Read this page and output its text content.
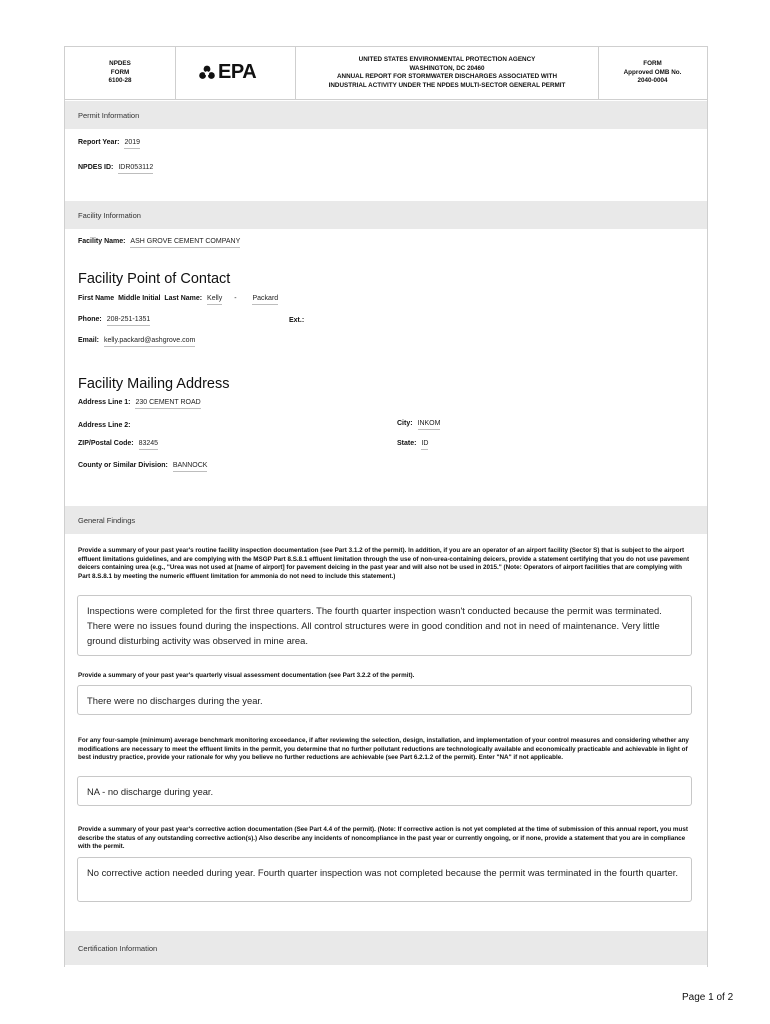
NPDES
FORM
6100-28	EPA
UNITED STATES ENVIRONMENTAL PROTECTION AGENCY
WASHINGTON, DC 20460
ANNUAL REPORT FOR STORMWATER DISCHARGES ASSOCIATED WITH
INDUSTRIAL ACTIVITY UNDER THE NPDES MULTI-SECTOR GENERAL PERMIT
FORM
Approved OMB No.
2040-0004
Permit Information
Report Year: 2019
NPDES ID: IDR053112
Facility Information
Facility Name: ASH GROVE CEMENT COMPANY
Facility Point of Contact
First Name Middle Initial Last Name: Kelly - Packard
Phone: 208-251-1351	Ext.:
Email: kelly.packard@ashgrove.com
Facility Mailing Address
Address Line 1: 230 CEMENT ROAD
Address Line 2:	City: INKOM
ZIP/Postal Code: 83245	State: ID
County or Similar Division: BANNOCK
General Findings
Provide a summary of your past year's routine facility inspection documentation (see Part 3.1.2 of the permit). In addition, if you are an operator of an airport facility (Sector S) that is subject to the airport effluent limitations guidelines, and are complying with the MSGP Part 8.S.8.1 effluent limitation through the use of non-urea-containing deicers, provide a statement certifying that you do not use pavement deicers containing urea (e.g., "Urea was not used at [name of airport] for pavement deicing in the past year and will also not be used in 2015." (Note: Operators of airport facilities that are complying with Part 8.S.8.1 by meeting the numeric effluent limitation for ammonia do not need to include this statement.)
Inspections were completed for the first three quarters. The fourth quarter inspection wasn't conducted because the permit was terminated. There were no issues found during the inspections. All control structures were in good condition and not in need of maintenance. Very little ground disturbing activity was observed in mine area.
Provide a summary of your past year's quarterly visual assessment documentation (see Part 3.2.2 of the permit).
There were no discharges during the year.
For any four-sample (minimum) average benchmark monitoring exceedance, if after reviewing the selection, design, installation, and implementation of your control measures and considering whether any modifications are necessary to meet the effluent limits in the permit, you determine that no further pollutant reductions are technologically available and economically practicable and achievable in light of best industry practice, provide your rationale for why you believe no further reductions are achievable (see Part 6.2.1.2 of the permit). Enter "NA" if not applicable.
NA - no discharge during year.
Provide a summary of your past year's corrective action documentation (See Part 4.4 of the permit). (Note: If corrective action is not yet completed at the time of submission of this annual report, you must describe the status of any outstanding corrective action(s).) Also describe any incidents of noncompliance in the past year or currently ongoing, or if none, provide a statement that you are in compliance with the permit.
No corrective action needed during year. Fourth quarter inspection was not completed because the permit was terminated in the fourth quarter.
Certification Information
Page 1 of 2
